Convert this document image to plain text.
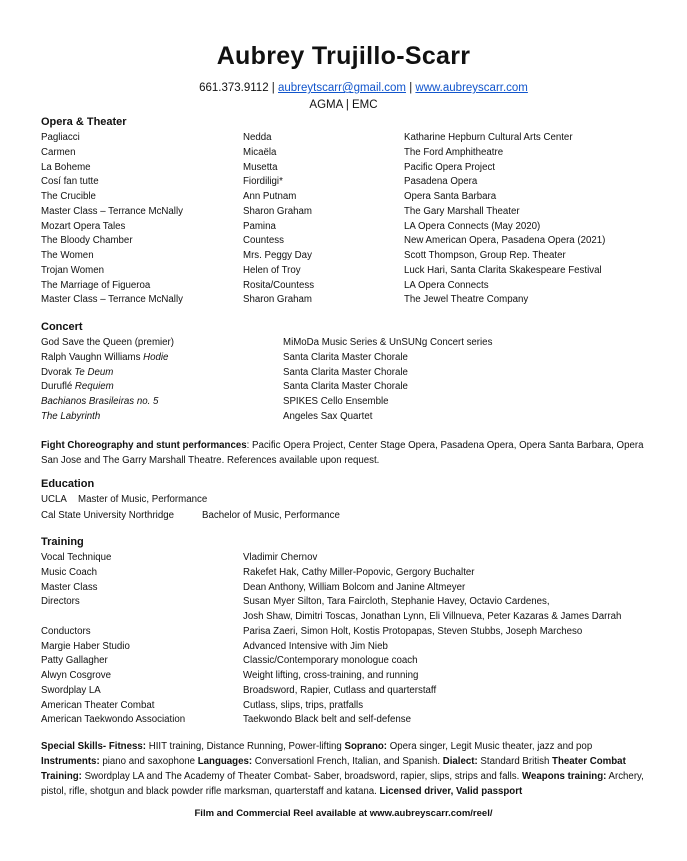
Aubrey Trujillo-Scarr
661.373.9112 | aubreytscarr@gmail.com | www.aubreyscarr.com
AGMA | EMC
Opera & Theater
Pagliacci	Nedda	Katharine Hepburn Cultural Arts Center
Carmen	Micaëla	The Ford Amphitheatre
La Boheme	Musetta	Pacific Opera Project
Cosí fan tutte	Fiordiligi*	Pasadena Opera
The Crucible	Ann Putnam	Opera Santa Barbara
Master Class – Terrance McNally	Sharon Graham	The Gary Marshall Theater
Mozart Opera Tales	Pamina	LA Opera Connects (May 2020)
The Bloody Chamber	Countess	New American Opera, Pasadena Opera (2021)
The Women	Mrs. Peggy Day	Scott Thompson, Group Rep. Theater
Trojan Women	Helen of Troy	Luck Hari, Santa Clarita Skakespeare Festival
The Marriage of Figueroa	Rosita/Countess	LA Opera Connects
Master Class – Terrance McNally	Sharon Graham	The Jewel Theatre Company
Concert
God Save the Queen (premier)	MiMoDa Music Series & UnSUNg Concert series
Ralph Vaughn Williams Hodie	Santa Clarita Master Chorale
Dvorak Te Deum	Santa Clarita Master Chorale
Duruflé Requiem	Santa Clarita Master Chorale
Bachianos Brasileiras no. 5	SPIKES Cello Ensemble
The Labyrinth	Angeles Sax Quartet
Fight Choreography and stunt performances: Pacific Opera Project, Center Stage Opera, Pasadena Opera, Opera Santa Barbara, Opera San Jose and The Garry Marshall Theatre. References available upon request.
Education
UCLA Master of Music, Performance
Cal State University Northridge	Bachelor of Music, Performance
Training
Vocal Technique	Vladimir Chernov
Music Coach	Rakefet Hak, Cathy Miller-Popovic, Gergory Buchalter
Master Class	Dean Anthony, William Bolcom and Janine Altmeyer
Directors	Susan Myer Silton, Tara Faircloth, Stephanie Havey, Octavio Cardenes,
Josh Shaw, Dimitri Toscas, Jonathan Lynn, Eli Villnueva, Peter Kazaras & James Darrah
Conductors	Parisa Zaeri, Simon Holt, Kostis Protopapas, Steven Stubbs, Joseph Marcheso
Margie Haber Studio	Advanced Intensive with Jim Nieb
Patty Gallagher	Classic/Contemporary monologue coach
Alwyn Cosgrove	Weight lifting, cross-training, and running
Swordplay LA	Broadsword, Rapier, Cutlass and quarterstaff
American Theater Combat	Cutlass, slips, trips, pratfalls
American Taekwondo Association	Taekwondo Black belt and self-defense
Special Skills- Fitness: HIIT training, Distance Running, Power-lifting Soprano: Opera singer, Legit Music theater, jazz and pop Instruments: piano and saxophone Languages: Conversationl French, Italian, and Spanish. Dialect: Standard British Theater Combat Training: Swordplay LA and The Academy of Theater Combat- Saber, broadsword, rapier, slips, strips and falls. Weapons training: Archery, pistol, rifle, shotgun and black powder rifle marksman, quarterstaff and katana. Licensed driver, Valid passport
Film and Commercial Reel available at www.aubreyscarr.com/reel/
